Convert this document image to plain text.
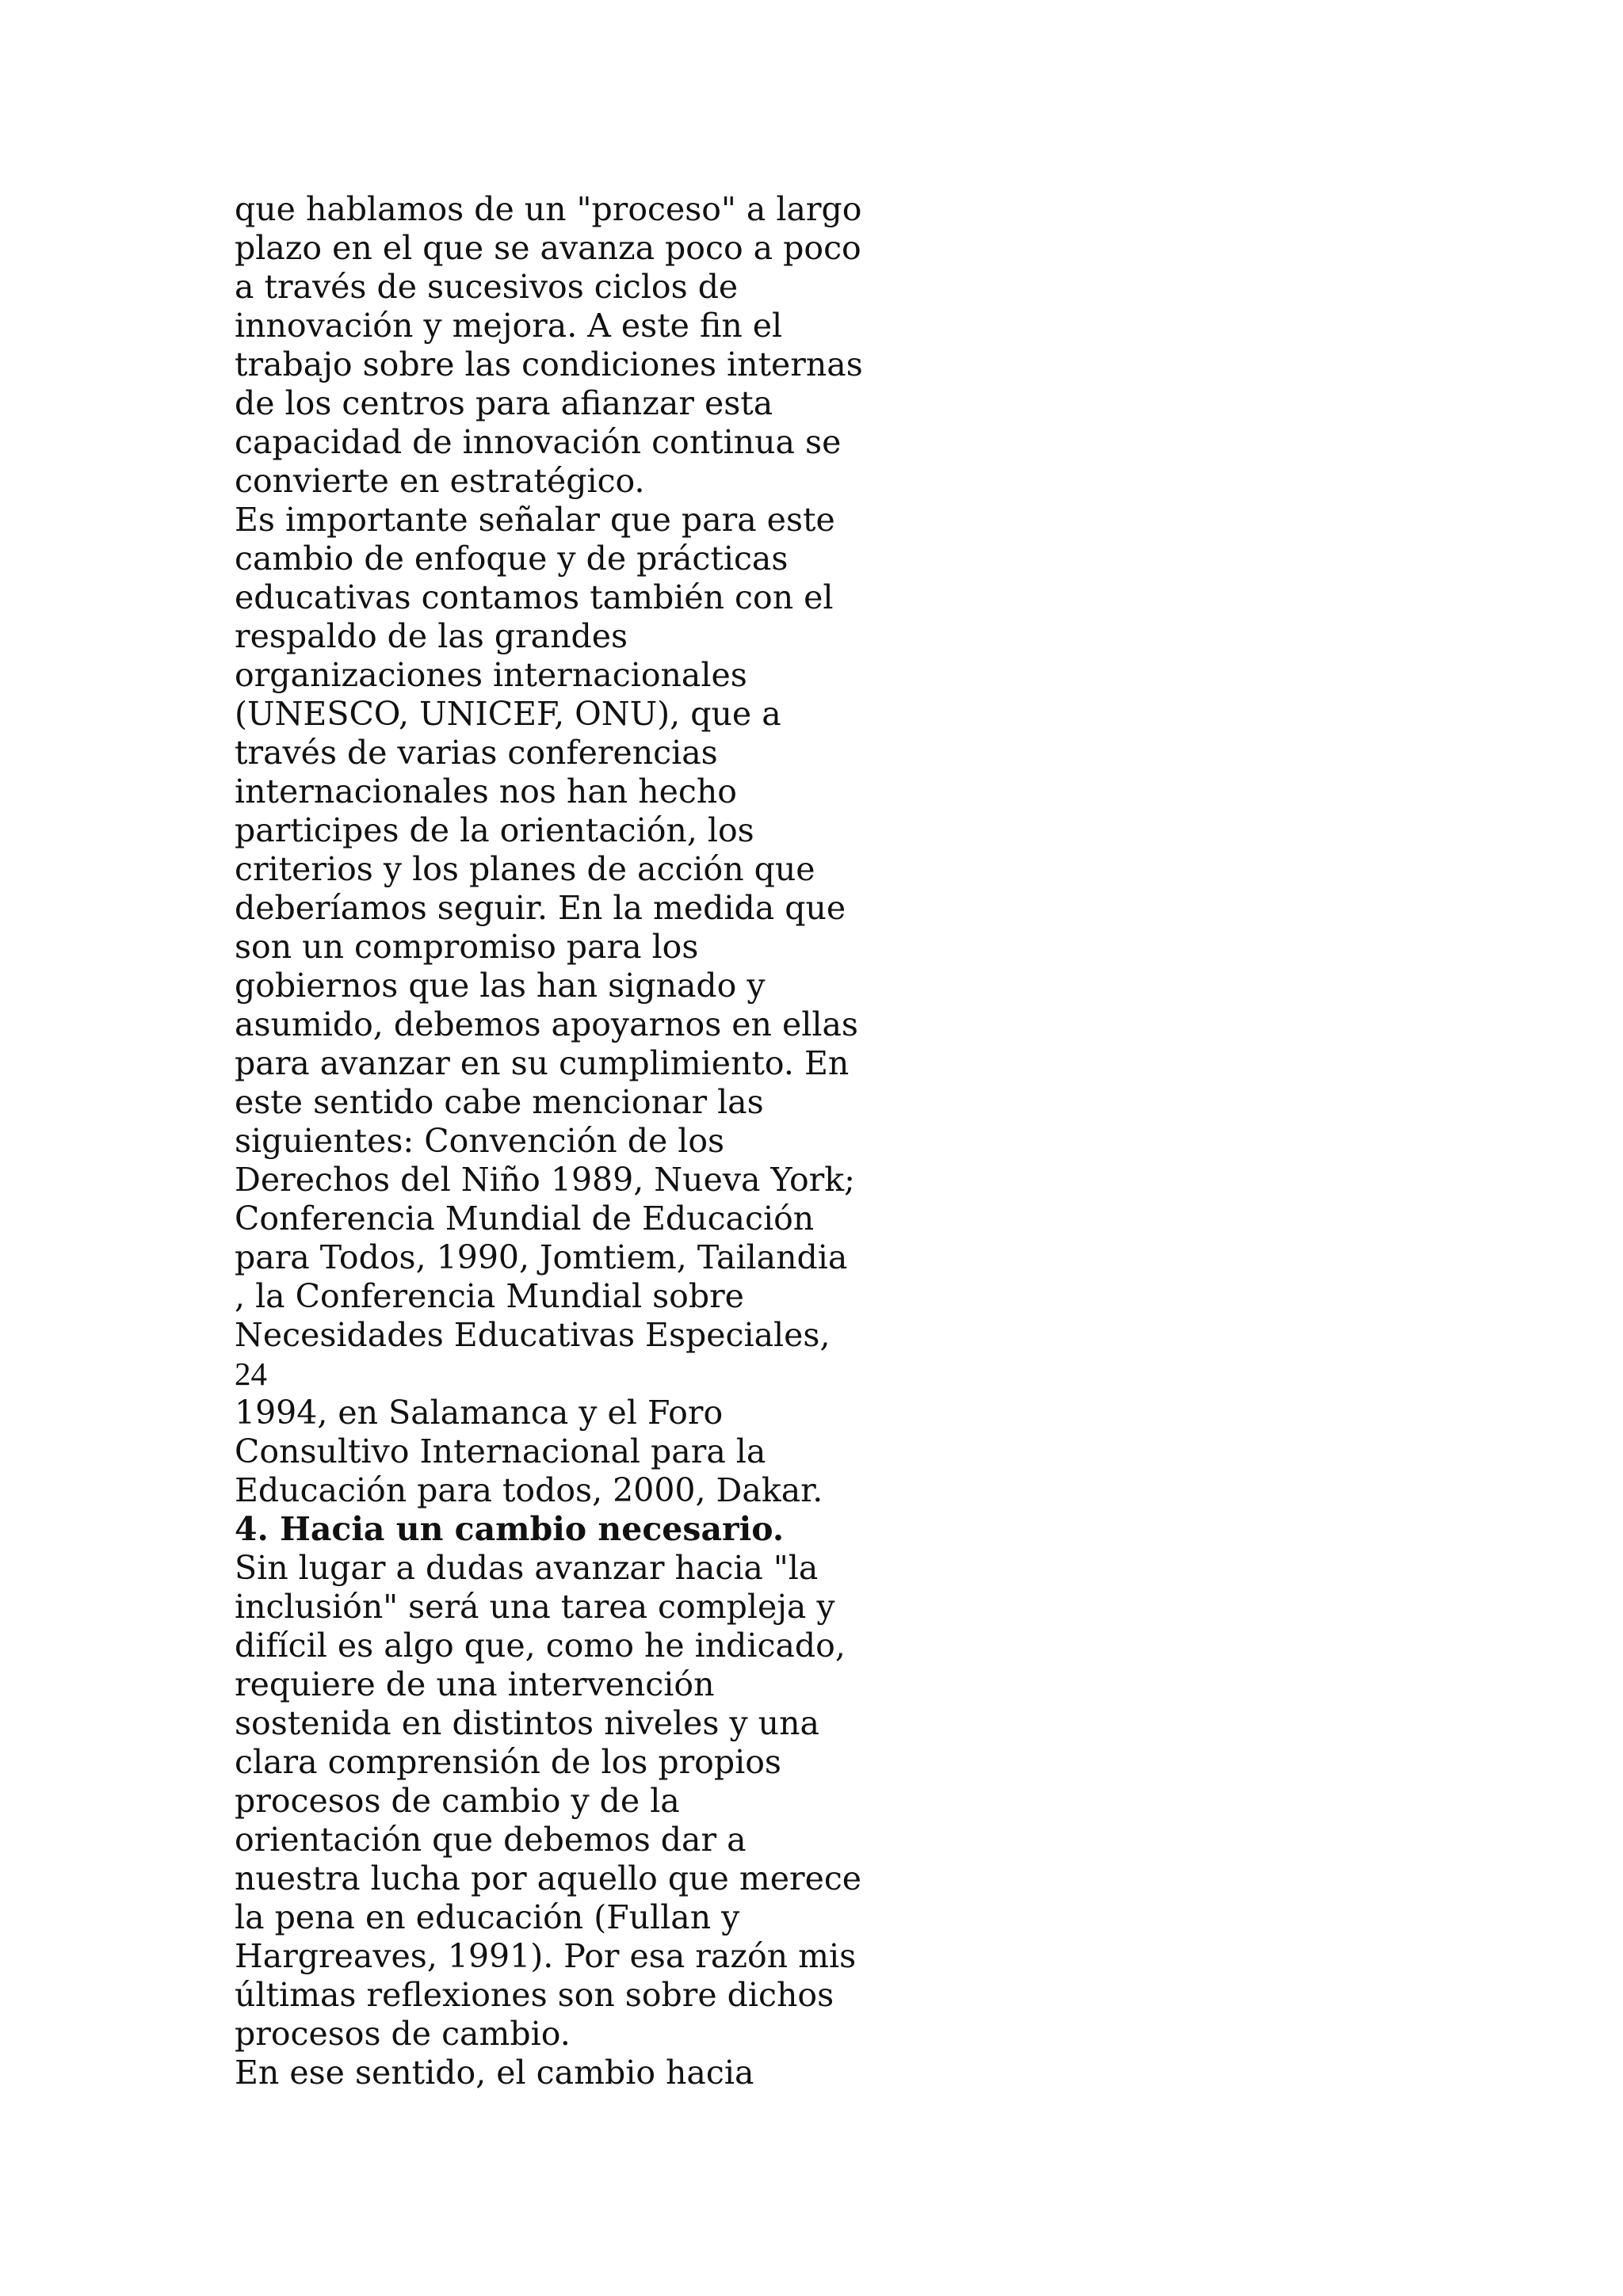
que hablamos de un "proceso" a largo
plazo en el que se avanza poco a poco
a través de sucesivos ciclos de
innovación y mejora. A este fin el
trabajo sobre las condiciones internas
de los centros para afianzar esta
capacidad de innovación continua se
convierte en estratégico.
Es importante señalar que para este
cambio de enfoque y de prácticas
educativas contamos también con el
respaldo de las grandes
organizaciones internacionales
(UNESCO, UNICEF, ONU), que a
través de varias conferencias
internacionales nos han hecho
participes de la orientación, los
criterios y los planes de acción que
deberíamos seguir. En la medida que
son un compromiso para los
gobiernos que las han signado y
asumido, debemos apoyarnos en ellas
para avanzar en su cumplimiento. En
este sentido cabe mencionar las
siguientes: Convención de los
Derechos del Niño 1989, Nueva York;
Conferencia Mundial de Educación
para Todos, 1990, Jomtiem, Tailandia
, la Conferencia Mundial sobre
Necesidades Educativas Especiales,
24
1994, en Salamanca y el Foro
Consultivo Internacional para la
Educación para todos, 2000, Dakar.
4. Hacia un cambio necesario.
Sin lugar a dudas avanzar hacia "la
inclusión" será una tarea compleja y
difícil es algo que, como he indicado,
requiere de una intervención
sostenida en distintos niveles y una
clara comprensión de los propios
procesos de cambio y de la
orientación que debemos dar a
nuestra lucha por aquello que merece
la pena en educación (Fullan y
Hargreaves, 1991). Por esa razón mis
últimas reflexiones son sobre dichos
procesos de cambio.
En ese sentido, el cambio hacia
